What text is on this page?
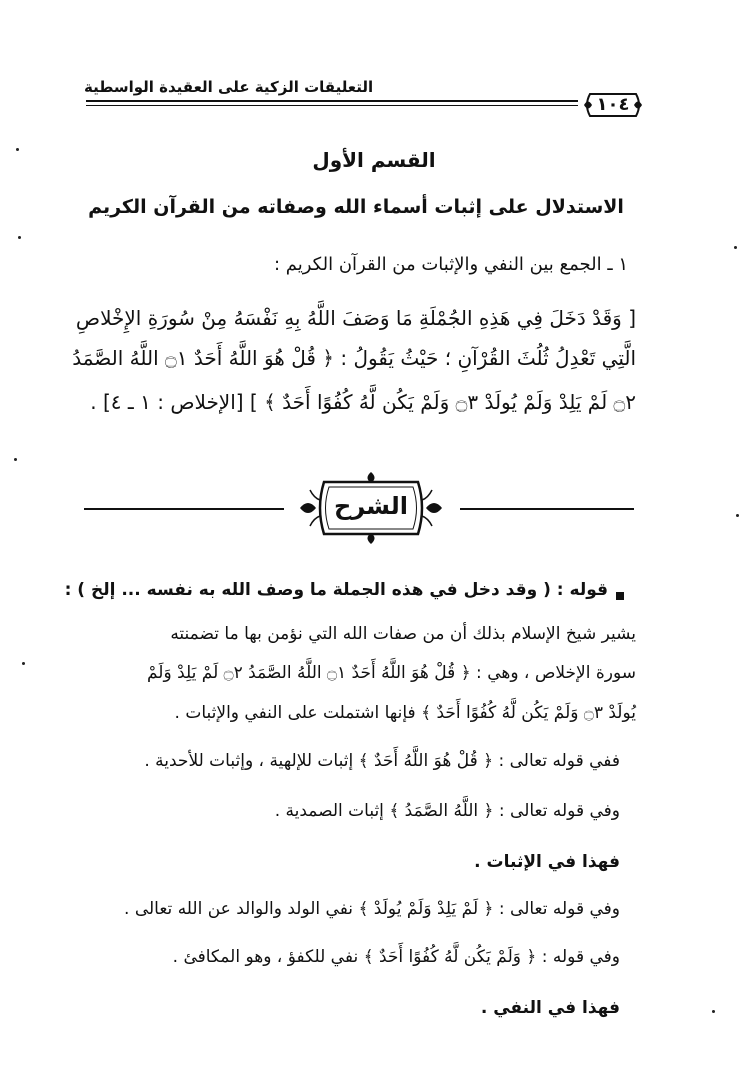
التعليقات الزكية على العقيدة الواسطية
١٠٤
القسم الأول
الاستدلال على إثبات أسماء الله وصفاته من القرآن الكريم
١ ـ الجمع بين النفي والإثبات من القرآن الكريم :
[ وَقَدْ دَخَلَ فِي هَذِهِ الجُمْلَةِ مَا وَصَفَ اللَّهُ بِهِ نَفْسَهُ مِنْ سُورَةِ الإِخْلاصِ
الَّتِي تَعْدِلُ ثُلُثَ القُرْآنِ ؛ حَيْثُ يَقُولُ : ﴿ قُلْ هُوَ اللَّهُ أَحَدٌ ۝١ اللَّهُ الصَّمَدُ
۝٢ لَمْ يَلِدْ وَلَمْ يُولَدْ ۝٣ وَلَمْ يَكُن لَّهُ كُفُوًا أَحَدٌ ﴾ ] [الإخلاص : ١ ـ ٤] .
الشرح
قوله : ( وقد دخل في هذه الجملة ما وصف الله به نفسه ... إلخ ) :
يشير شيخ الإسلام بذلك أن من صفات الله التي نؤمن بها ما تضمنته
سورة الإخلاص ، وهي : ﴿ قُلْ هُوَ اللَّهُ أَحَدٌ ۝١ اللَّهُ الصَّمَدُ ۝٢ لَمْ يَلِدْ وَلَمْ
يُولَدْ ۝٣ وَلَمْ يَكُن لَّهُ كُفُوًا أَحَدٌ ﴾ فإنها اشتملت على النفي والإثبات .
ففي قوله تعالى : ﴿ قُلْ هُوَ اللَّهُ أَحَدٌ ﴾ إثبات للإلهية ، وإثبات للأحدية .
وفي قوله تعالى : ﴿ اللَّهُ الصَّمَدُ ﴾ إثبات الصمدية .
فهذا في الإثبات .
وفي قوله تعالى : ﴿ لَمْ يَلِدْ وَلَمْ يُولَدْ ﴾ نفي الولد والوالد عن الله تعالى .
وفي قوله : ﴿ وَلَمْ يَكُن لَّهُ كُفُوًا أَحَدٌ ﴾ نفي للكفؤ ، وهو المكافئ .
فهذا في النفي .
